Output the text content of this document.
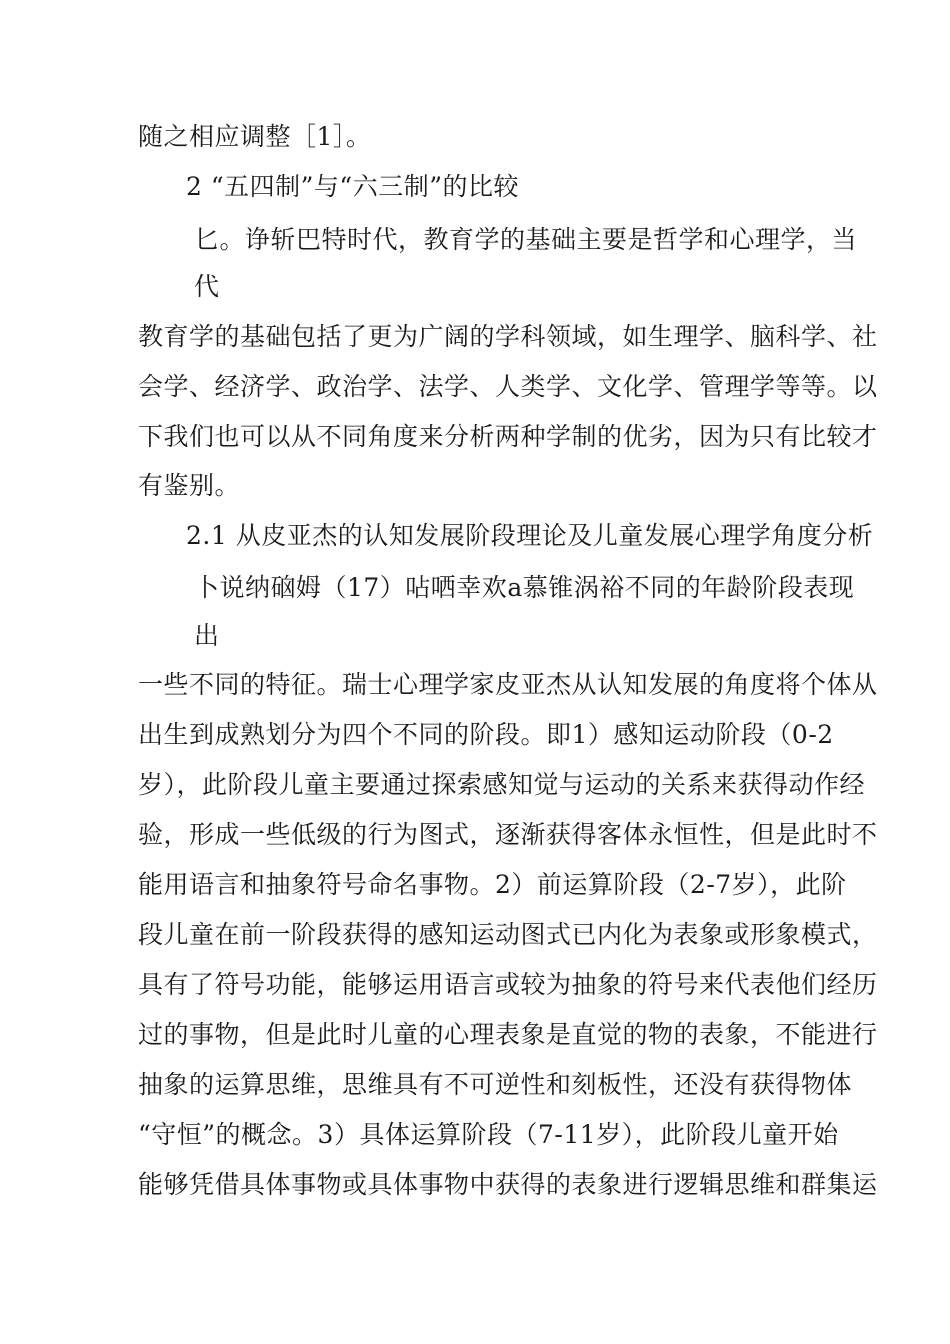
随之相应调整［1］。
2 “五四制”与“六三制”的比较
匕。诤斩巴特时代，教育学的基础主要是哲学和心理学，当
代
教育学的基础包括了更为广阔的学科领域，如生理学、脑科学、社
会学、经济学、政治学、法学、人类学、文化学、管理学等等。以
下我们也可以从不同角度来分析两种学制的优劣，因为只有比较才
有鉴别。
2.1 从皮亚杰的认知发展阶段理论及儿童发展心理学角度分析
卜说纳硇姆（17）呫哂幸欢a慕锥涡裕不同的年龄阶段表现
出
一些不同的特征。瑞士心理学家皮亚杰从认知发展的角度将个体从
出生到成熟划分为四个不同的阶段。即1）感知运动阶段（0-2
岁），此阶段儿童主要通过探索感知觉与运动的关系来获得动作经
验，形成一些低级的行为图式，逐渐获得客体永恒性，但是此时不
能用语言和抽象符号命名事物。2）前运算阶段（2-7岁），此阶
段儿童在前一阶段获得的感知运动图式已内化为表象或形象模式，
具有了符号功能，能够运用语言或较为抽象的符号来代表他们经历
过的事物，但是此时儿童的心理表象是直觉的物的表象，不能进行
抽象的运算思维，思维具有不可逆性和刻板性，还没有获得物体
“守恒”的概念。3）具体运算阶段（7-11岁），此阶段儿童开始
能够凭借具体事物或具体事物中获得的表象进行逻辑思维和群集运
